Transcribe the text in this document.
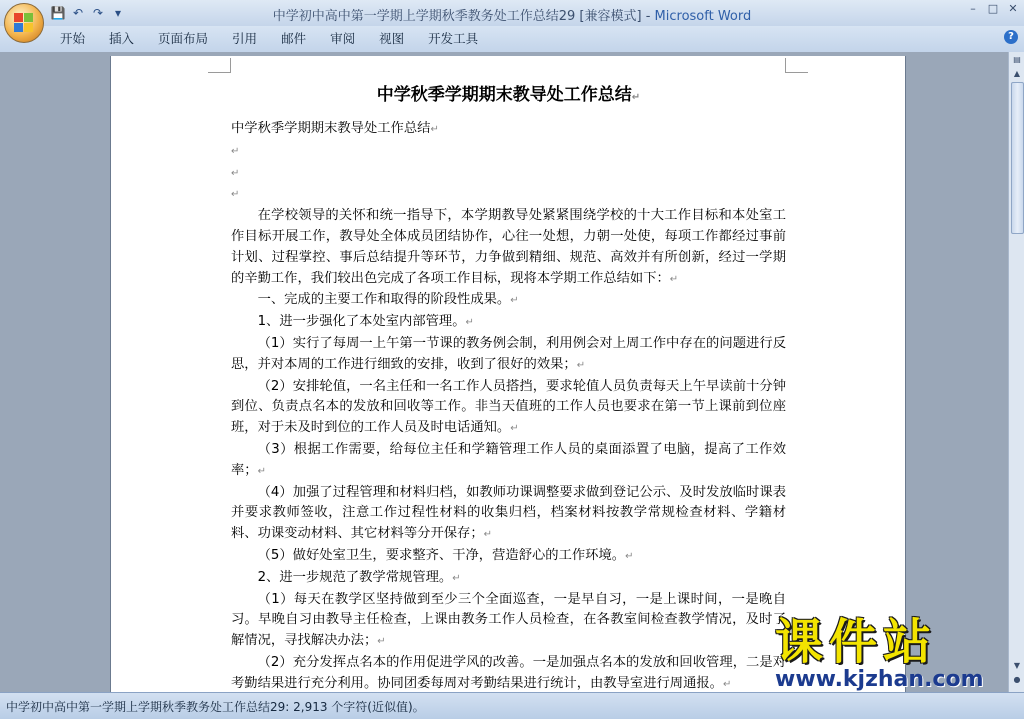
💾 ↶ ↷ ▾	中学初中高中第一学期上学期秋季教务处工作总结29 [兼容模式] - Microsoft Word
–	□ ✕
开始	插入	页面布局	引用	邮件	审阅	视图	开发工具	?
中学秋季学期期末教导处工作总结↵

中学秋季学期期末教导处工作总结↵

↵

↵

↵

在学校领导的关怀和统一指导下，本学期教导处紧紧围绕学校的十大工作目标和本处室工作目标开展工作，教导处全体成员团结协作，心往一处想，力朝一处使，每项工作都经过事前计划、过程掌控、事后总结提升等环节，力争做到精细、规范、高效并有所创新，经过一学期的辛勤工作，我们较出色完成了各项工作目标，现将本学期工作总结如下：↵

一、完成的主要工作和取得的阶段性成果。↵

1、进一步强化了本处室内部管理。↵

（1）实行了每周一上午第一节课的教务例会制，利用例会对上周工作中存在的问题进行反思，并对本周的工作进行细致的安排，收到了很好的效果；↵

（2）安排轮值，一名主任和一名工作人员搭挡，要求轮值人员负责每天上午早读前十分钟到位、负责点名本的发放和回收等工作。非当天值班的工作人员也要求在第一节上课前到位座班，对于未及时到位的工作人员及时电话通知。↵

（3）根据工作需要，给每位主任和学籍管理工作人员的桌面添置了电脑，提高了工作效率；↵

（4）加强了过程管理和材料归档，如教师功课调整要求做到登记公示、及时发放临时课表并要求教师签收，注意工作过程性材料的收集归档，档案材料按教学常规检查材料、学籍材料、功课变动材料、其它材料等分开保存；↵

（5）做好处室卫生，要求整齐、干净，营造舒心的工作环境。↵

2、进一步规范了教学常规管理。↵

（1）每天在教学区坚持做到至少三个全面巡查，一是早自习，一是上课时间，一是晚自习。早晚自习由教导主任检查，上课由教务工作人员检查，在各教室间检查教学情况，及时了解情况，寻找解决办法；↵

（2）充分发挥点名本的作用促进学风的改善。一是加强点名本的发放和回收管理，二是对考勤结果进行充分利用。协同团委每周对考勤结果进行统计，由教导室进行周通报。↵

▤
▲
▼
●
中学初中高中第一学期上学期秋季教务处工作总结29: 2,913 个字符(近似值)。
课件站
www.kjzhan.com
